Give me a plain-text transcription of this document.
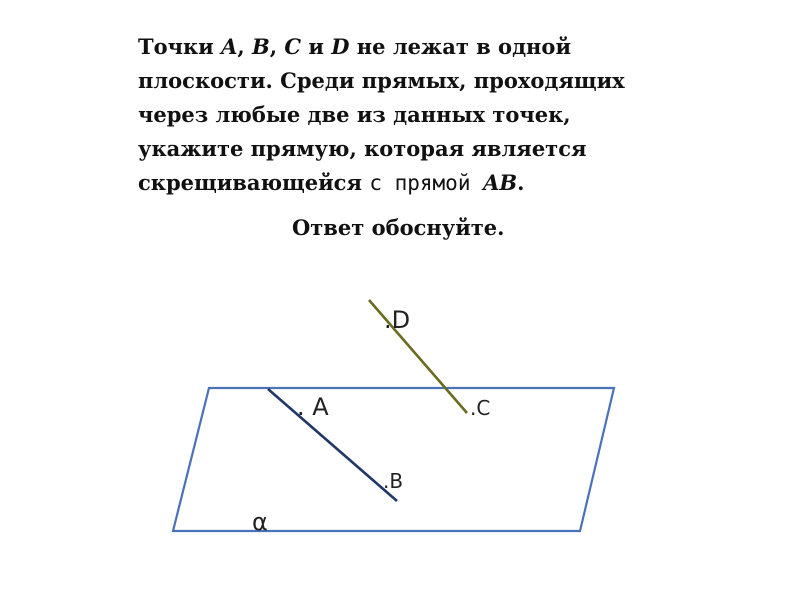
Точки A, B, C и D не лежат в одной
плоскости. Среди прямых, проходящих
через любые две из данных точек,
укажите прямую, которая является
скрещивающейся с прямой AB.
Ответ обоснуйте.
.D
. A	.C
.B
α
